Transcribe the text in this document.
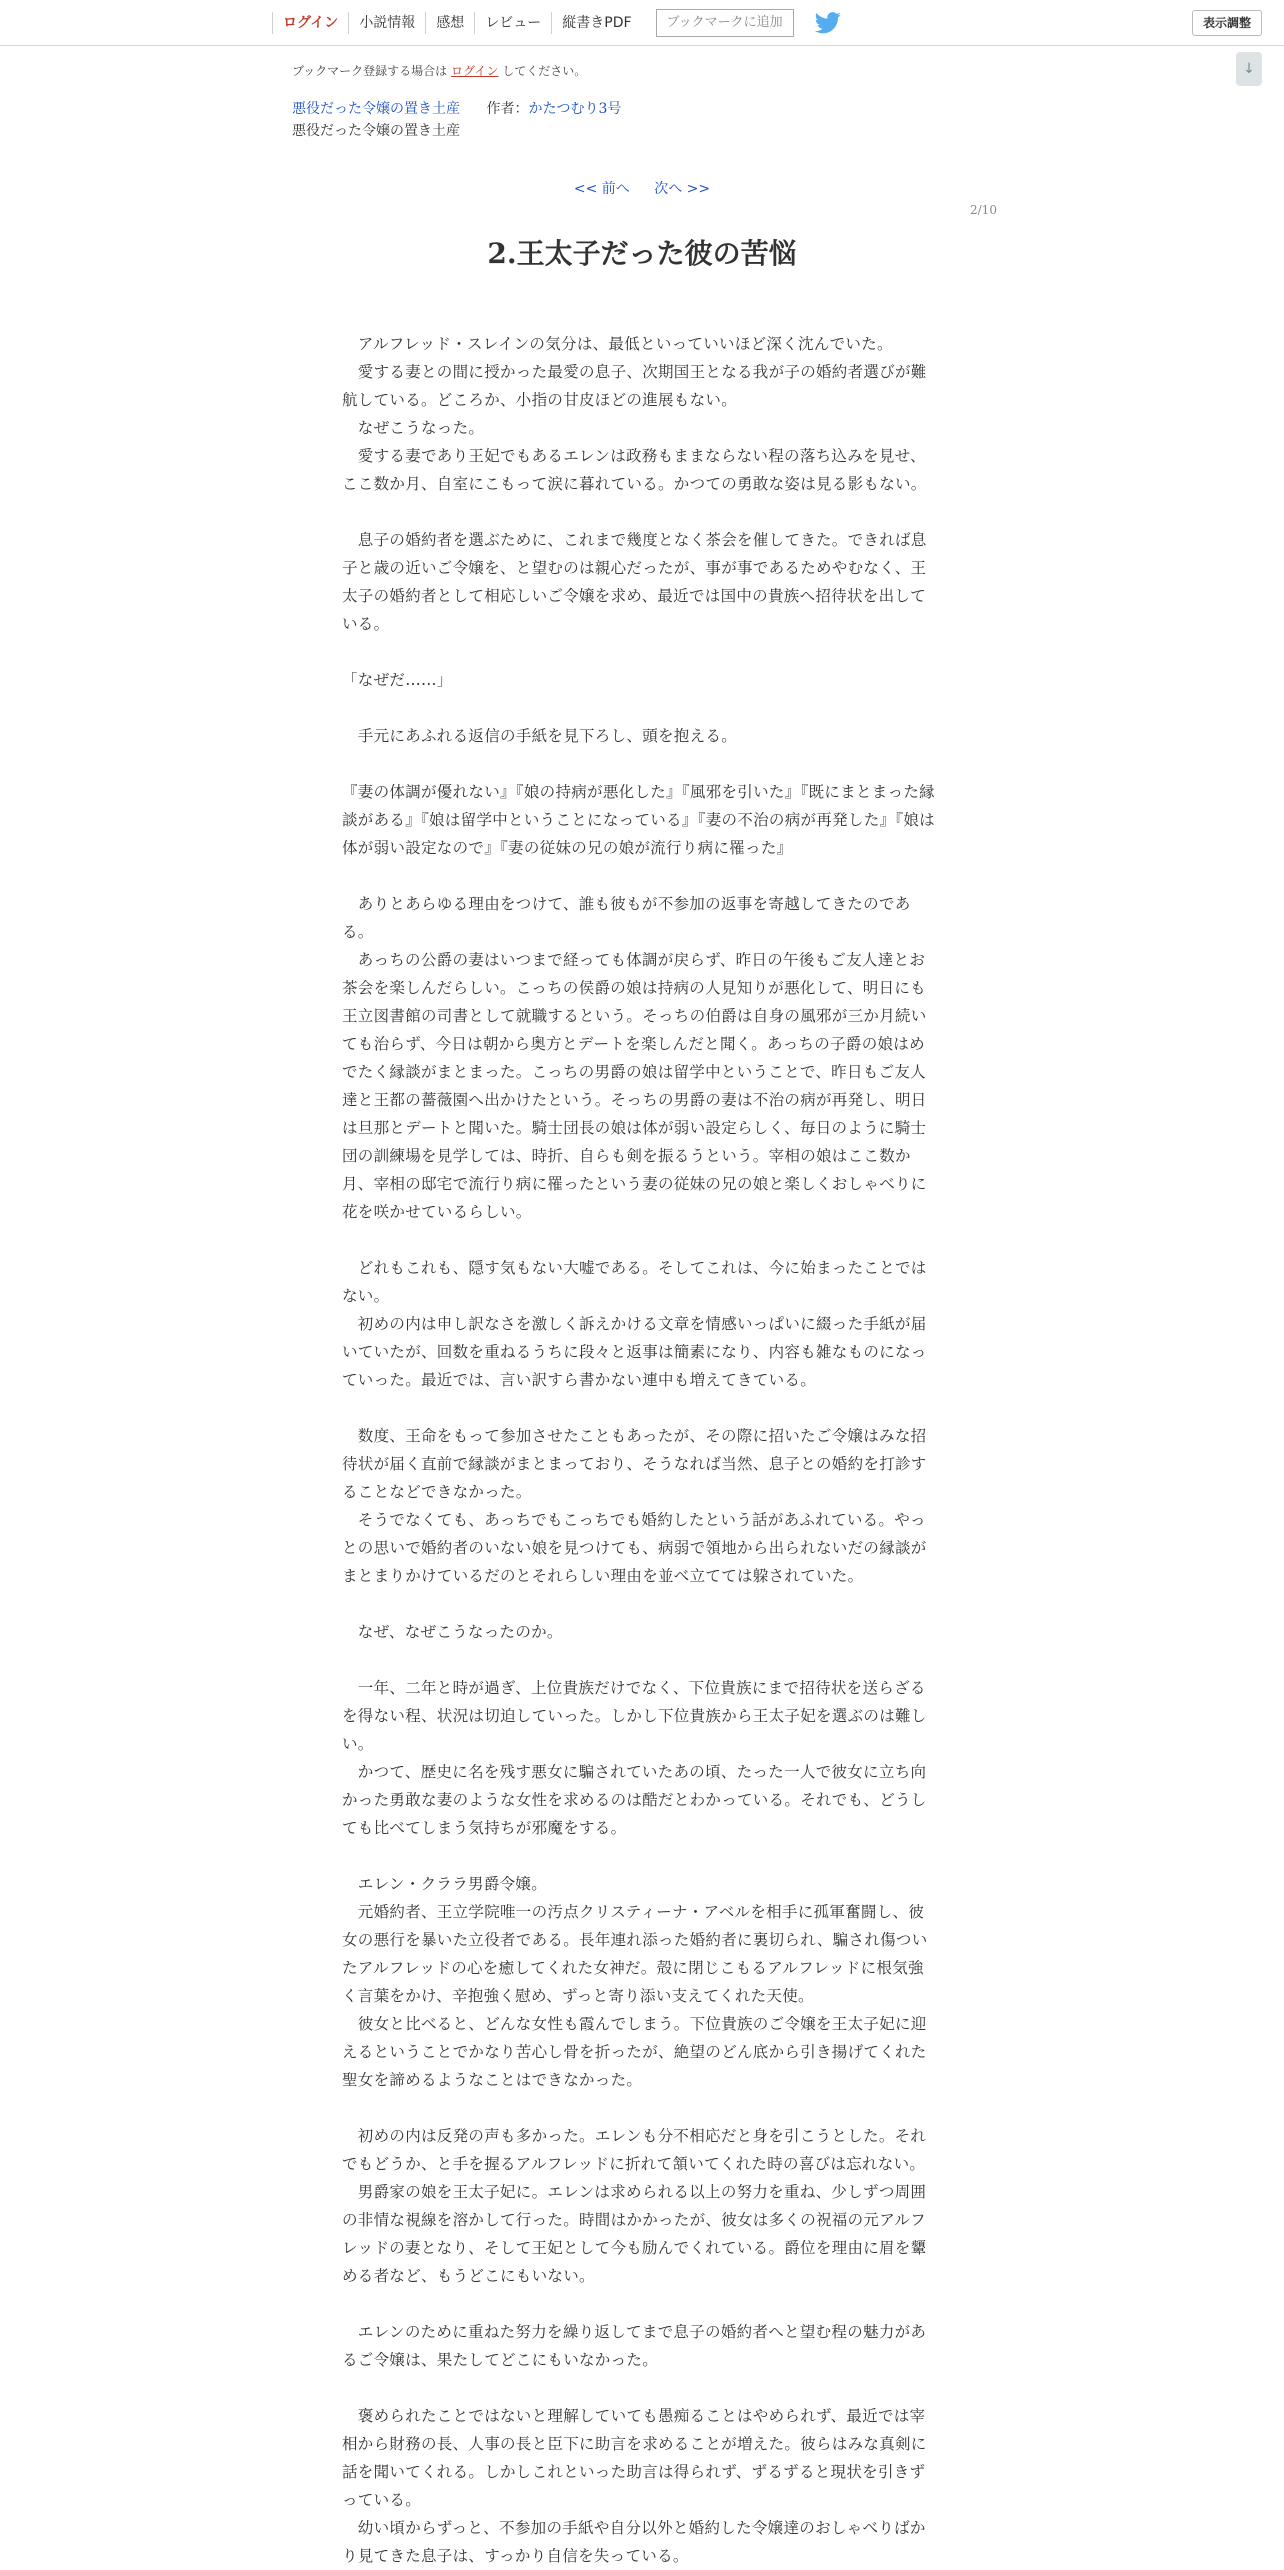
ログイン	小説情報	感想	レビュー	縦書きPDF	ブックマークに追加	表示調整
↓
ブックマーク登録する場合は ログイン してください。
悪役だった令嬢の置き土産 作者：かたつむり3号
悪役だった令嬢の置き土産
<< 前へ 次へ >>
2/10
2.王太子だった彼の苦悩

　アルフレッド・スレインの気分は、最低といっていいほど深く沈んでいた。

　愛する妻との間に授かった最愛の息子、次期国王となる我が子の婚約者選びが難航している。どころか、小指の甘皮ほどの進展もない。

　なぜこうなった。

　愛する妻であり王妃でもあるエレンは政務もままならない程の落ち込みを見せ、ここ数か月、自室にこもって涙に暮れている。かつての勇敢な姿は見る影もない。

　息子の婚約者を選ぶために、これまで幾度となく茶会を催してきた。できれば息子と歳の近いご令嬢を、と望むのは親心だったが、事が事であるためやむなく、王太子の婚約者として相応しいご令嬢を求め、最近では国中の貴族へ招待状を出している。

「なぜだ……」

　手元にあふれる返信の手紙を見下ろし、頭を抱える。

『妻の体調が優れない』『娘の持病が悪化した』『風邪を引いた』『既にまとまった縁談がある』『娘は留学中ということになっている』『妻の不治の病が再発した』『娘は体が弱い設定なので』『妻の従妹の兄の娘が流行り病に罹った』

　ありとあらゆる理由をつけて、誰も彼もが不参加の返事を寄越してきたのである。

　あっちの公爵の妻はいつまで経っても体調が戻らず、昨日の午後もご友人達とお茶会を楽しんだらしい。こっちの侯爵の娘は持病の人見知りが悪化して、明日にも王立図書館の司書として就職するという。そっちの伯爵は自身の風邪が三か月続いても治らず、今日は朝から奥方とデートを楽しんだと聞く。あっちの子爵の娘はめでたく縁談がまとまった。こっちの男爵の娘は留学中ということで、昨日もご友人達と王都の薔薇園へ出かけたという。そっちの男爵の妻は不治の病が再発し、明日は旦那とデートと聞いた。騎士団長の娘は体が弱い設定らしく、毎日のように騎士団の訓練場を見学しては、時折、自らも剣を振るうという。宰相の娘はここ数か月、宰相の邸宅で流行り病に罹ったという妻の従妹の兄の娘と楽しくおしゃべりに花を咲かせているらしい。

　どれもこれも、隠す気もない大嘘である。そしてこれは、今に始まったことではない。

　初めの内は申し訳なさを激しく訴えかける文章を情感いっぱいに綴った手紙が届いていたが、回数を重ねるうちに段々と返事は簡素になり、内容も雑なものになっていった。最近では、言い訳すら書かない連中も増えてきている。

　数度、王命をもって参加させたこともあったが、その際に招いたご令嬢はみな招待状が届く直前で縁談がまとまっており、そうなれば当然、息子との婚約を打診することなどできなかった。

　そうでなくても、あっちでもこっちでも婚約したという話があふれている。やっとの思いで婚約者のいない娘を見つけても、病弱で領地から出られないだの縁談がまとまりかけているだのとそれらしい理由を並べ立てては躱されていた。

　なぜ、なぜこうなったのか。

　一年、二年と時が過ぎ、上位貴族だけでなく、下位貴族にまで招待状を送らざるを得ない程、状況は切迫していった。しかし下位貴族から王太子妃を選ぶのは難しい。

　かつて、歴史に名を残す悪女に騙されていたあの頃、たった一人で彼女に立ち向かった勇敢な妻のような女性を求めるのは酷だとわかっている。それでも、どうしても比べてしまう気持ちが邪魔をする。

　エレン・クララ男爵令嬢。

　元婚約者、王立学院唯一の汚点クリスティーナ・アベルを相手に孤軍奮闘し、彼女の悪行を暴いた立役者である。長年連れ添った婚約者に裏切られ、騙され傷ついたアルフレッドの心を癒してくれた女神だ。殻に閉じこもるアルフレッドに根気強く言葉をかけ、辛抱強く慰め、ずっと寄り添い支えてくれた天使。

　彼女と比べると、どんな女性も霞んでしまう。下位貴族のご令嬢を王太子妃に迎えるということでかなり苦心し骨を折ったが、絶望のどん底から引き揚げてくれた聖女を諦めるようなことはできなかった。

　初めの内は反発の声も多かった。エレンも分不相応だと身を引こうとした。それでもどうか、と手を握るアルフレッドに折れて頷いてくれた時の喜びは忘れない。

　男爵家の娘を王太子妃に。エレンは求められる以上の努力を重ね、少しずつ周囲の非情な視線を溶かして行った。時間はかかったが、彼女は多くの祝福の元アルフレッドの妻となり、そして王妃として今も励んでくれている。爵位を理由に眉を顰める者など、もうどこにもいない。

　エレンのために重ねた努力を繰り返してまで息子の婚約者へと望む程の魅力があるご令嬢は、果たしてどこにもいなかった。

　褒められたことではないと理解していても愚痴ることはやめられず、最近では宰相から財務の長、人事の長と臣下に助言を求めることが増えた。彼らはみな真剣に話を聞いてくれる。しかしこれといった助言は得られず、ずるずると現状を引きずっている。

　幼い頃からずっと、不参加の手紙や自分以外と婚約した令嬢達のおしゃべりばかり見てきた息子は、すっかり自信を失っている。
